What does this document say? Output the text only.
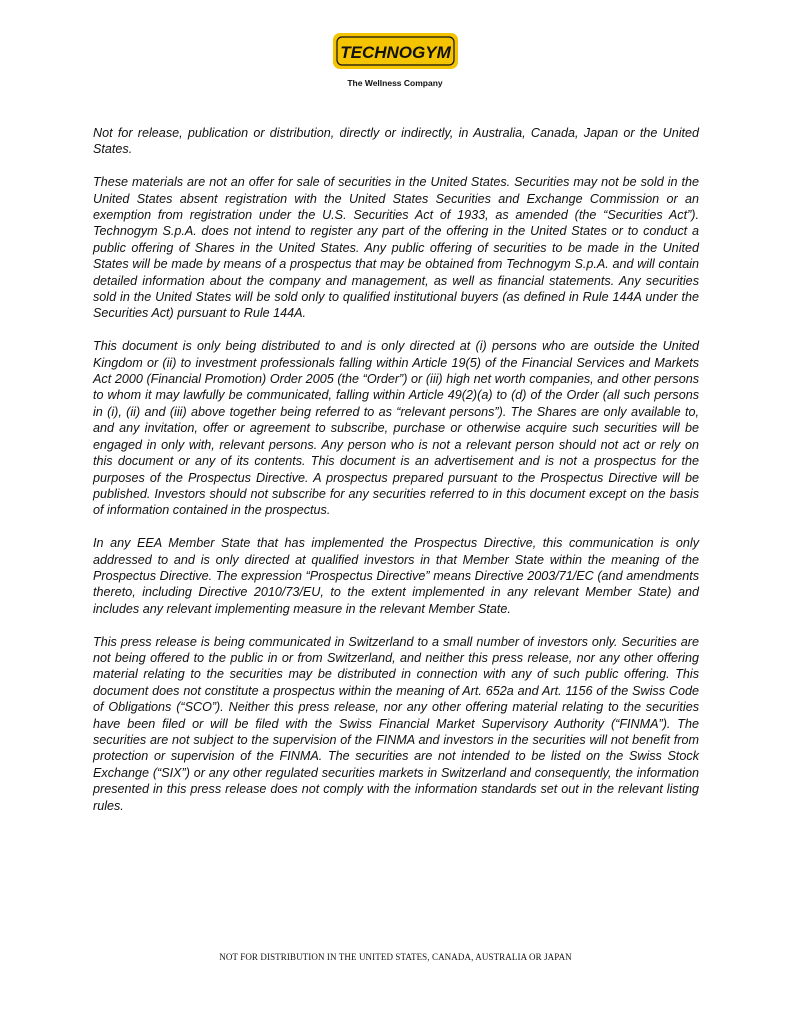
TECHNOGYM
The Wellness Company

Not for release, publication or distribution, directly or indirectly, in Australia, Canada, Japan or the United States.

These materials are not an offer for sale of securities in the United States. Securities may not be sold in the United States absent registration with the United States Securities and Exchange Commission or an exemption from registration under the U.S. Securities Act of 1933, as amended (the “Securities Act”). Technogym S.p.A. does not intend to register any part of the offering in the United States or to conduct a public offering of Shares in the United States. Any public offering of securities to be made in the United States will be made by means of a prospectus that may be obtained from Technogym S.p.A. and will contain detailed information about the company and management, as well as financial statements. Any securities sold in the United States will be sold only to qualified institutional buyers (as defined in Rule 144A under the Securities Act) pursuant to Rule 144A.

This document is only being distributed to and is only directed at (i) persons who are outside the United Kingdom or (ii) to investment professionals falling within Article 19(5) of the Financial Services and Markets Act 2000 (Financial Promotion) Order 2005 (the “Order”) or (iii) high net worth companies, and other persons to whom it may lawfully be communicated, falling within Article 49(2)(a) to (d) of the Order (all such persons in (i), (ii) and (iii) above together being referred to as “relevant persons”). The Shares are only available to, and any invitation, offer or agreement to subscribe, purchase or otherwise acquire such securities will be engaged in only with, relevant persons. Any person who is not a relevant person should not act or rely on this document or any of its contents. This document is an advertisement and is not a prospectus for the purposes of the Prospectus Directive. A prospectus prepared pursuant to the Prospectus Directive will be published. Investors should not subscribe for any securities referred to in this document except on the basis of information contained in the prospectus.

In any EEA Member State that has implemented the Prospectus Directive, this communication is only addressed to and is only directed at qualified investors in that Member State within the meaning of the Prospectus Directive. The expression “Prospectus Directive” means Directive 2003/71/EC (and amendments thereto, including Directive 2010/73/EU, to the extent implemented in any relevant Member State) and includes any relevant implementing measure in the relevant Member State.

This press release is being communicated in Switzerland to a small number of investors only. Securities are not being offered to the public in or from Switzerland, and neither this press release, nor any other offering material relating to the securities may be distributed in connection with any of such public offering. This document does not constitute a prospectus within the meaning of Art. 652a and Art. 1156 of the Swiss Code of Obligations (“SCO”). Neither this press release, nor any other offering material relating to the securities have been filed or will be filed with the Swiss Financial Market Supervisory Authority (“FINMA”). The securities are not subject to the supervision of the FINMA and investors in the securities will not benefit from protection or supervision of the FINMA. The securities are not intended to be listed on the Swiss Stock Exchange (“SIX”) or any other regulated securities markets in Switzerland and consequently, the information presented in this press release does not comply with the information standards set out in the relevant listing rules.

NOT FOR DISTRIBUTION IN THE UNITED STATES, CANADA, AUSTRALIA OR JAPAN
